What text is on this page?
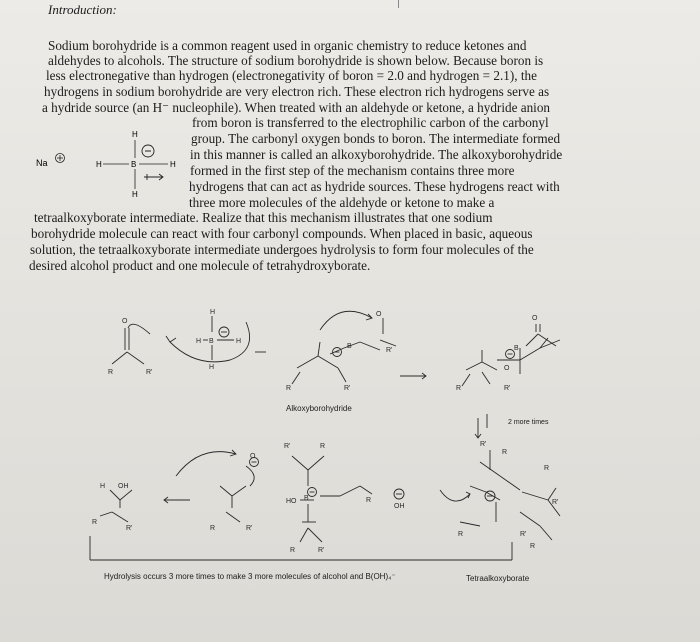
Introduction:
Sodium borohydride is a common reagent used in organic chemistry to reduce ketones and
aldehydes to alcohols. The structure of sodium borohydride is shown below. Because boron is
less electronegative than hydrogen (electronegativity of boron = 2.0 and hydrogen = 2.1), the
hydrogens in sodium borohydride are very electron rich. These electron rich hydrogens serve as
a hydride source (an H⁻ nucleophile). When treated with an aldehyde or ketone, a hydride anion
from boron is transferred to the electrophilic carbon of the carbonyl
group. The carbonyl oxygen bonds to boron. The intermediate formed
in this manner is called an alkoxyborohydride. The alkoxyborohydride
formed in the first step of the mechanism contains three more
hydrogens that can act as hydride sources. These hydrogens react with
three more molecules of the aldehyde or ketone to make a
tetraalkoxyborate intermediate. Realize that this mechanism illustrates that one sodium
borohydride molecule can react with four carbonyl compounds. When placed in basic, aqueous
solution, the tetraalkoxyborate intermediate undergoes hydrolysis to form four molecules of the
desired alcohol product and one molecule of tetrahydroxyborate.
Na
H
H	B	H
H
O
R	R'
H
H B	H
H
O
B
R'
R	R'
O
B
R	R'
O
R'
R
R
R'
R	R'
R
R'	R
HO B	R
R	R'
OH
O
R	R'
H OH
R
R'
Alkoxyborohydride
2 more times
Hydrolysis occurs 3 more times to make 3 more molecules of alcohol and B(OH)₄⁻	Tetraalkoxyborate
